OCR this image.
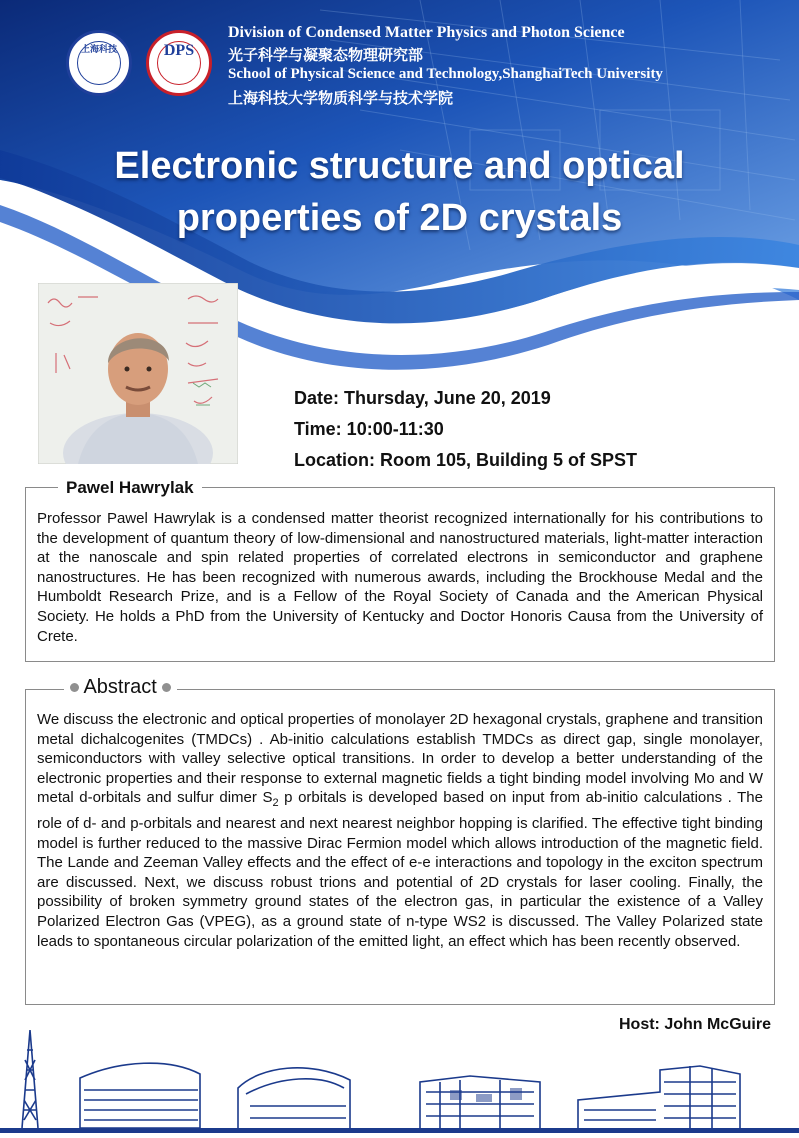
上海科技	DPS
Division of Condensed Matter Physics and Photon Science
光子科学与凝聚态物理研究部
School of Physical Science and Technology,ShanghaiTech University
上海科技大学物质科学与技术学院
Electronic structure and optical
properties of 2D crystals
Date: Thursday, June 20, 2019
Time: 10:00-11:30
Location: Room 105, Building 5 of SPST
Pawel Hawrylak

Professor Pawel Hawrylak is a condensed matter theorist recognized internationally for his contributions to the development of quantum theory of low-dimensional and nanostructured materials, light-matter interaction at the nanoscale and spin related properties of correlated electrons in semiconductor and graphene nanostructures. He has been recognized with numerous awards, including the Brockhouse Medal and the Humboldt Research Prize, and is a Fellow of the Royal Society of Canada and the American Physical Society. He holds a PhD from the University of Kentucky and Doctor Honoris Causa from the University of Crete.

Abstract

We discuss the electronic and optical properties of monolayer 2D hexagonal crystals, graphene and transition metal dichalcogenites (TMDCs) . Ab-initio calculations establish TMDCs as direct gap, single monolayer, semiconductors with valley selective optical transitions. In order to develop a better understanding of the electronic properties and their response to external magnetic fields a tight binding model involving Mo and W metal d-orbitals and sulfur dimer $S_2$ p orbitals is developed based on input from ab-initio calculations . The role of d- and p-orbitals and nearest and next nearest neighbor hopping is clarified. The effective tight binding model is further reduced to the massive Dirac Fermion model which allows introduction of the magnetic field. The Lande and Zeeman Valley effects and the effect of e-e interactions and topology in the exciton spectrum are discussed. Next, we discuss robust trions and potential of 2D crystals for laser cooling. Finally, the possibility of broken symmetry ground states of the electron gas, in particular the existence of a Valley Polarized Electron Gas (VPEG), as a ground state of n-type WS2 is discussed. The Valley Polarized state leads to spontaneous circular polarization of the emitted light, an effect which has been recently observed.

Host: John McGuire
